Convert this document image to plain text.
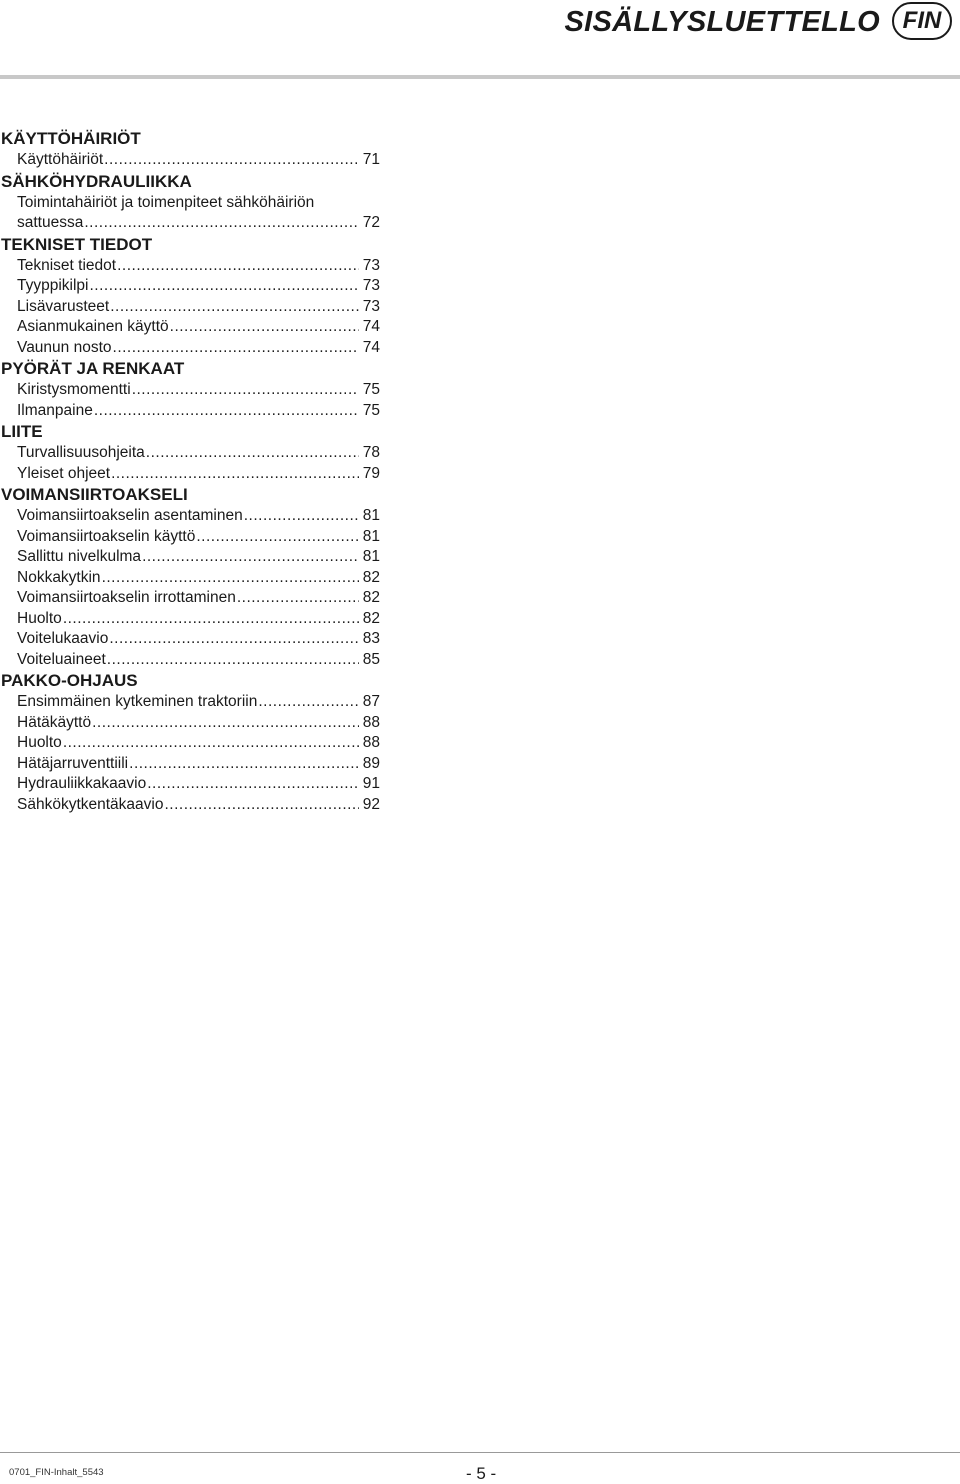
SISÄLLYSLUETTELLO FIN
KÄYTTÖHÄIRIÖT
Käyttöhäiriöt .....	71
SÄHKÖHYDRAULIIKKA
Toimintahäiriöt ja toimenpiteet sähköhäiriön
sattuessa .....	72
TEKNISET TIEDOT
Tekniset tiedot .....	73
Tyyppikilpi .....	73
Lisävarusteet .....	73
Asianmukainen käyttö .....	74
Vaunun nosto .....	74
PYÖRÄT JA RENKAAT
Kiristysmomentti .....	75
Ilmanpaine .....	75
LIITE
Turvallisuusohjeita .....	78
Yleiset ohjeet .....	79
VOIMANSIIRTOAKSELI
Voimansiirtoakselin asentaminen .....	81
Voimansiirtoakselin käyttö .....	81
Sallittu nivelkulma .....	81
Nokkakytkin .....	82
Voimansiirtoakselin irrottaminen .....	82
Huolto .....	82
Voitelukaavio .....	83
Voiteluaineet .....	85
PAKKO-OHJAUS
Ensimmäinen kytkeminen traktoriin .....	87
Hätäkäyttö .....	88
Huolto .....	88
Hätäjarruventtiili .....	89
Hydrauliikkakaavio .....	91
Sähkökytkentäkaavio .....	92
0701_FIN-Inhalt_5543	- 5 -
